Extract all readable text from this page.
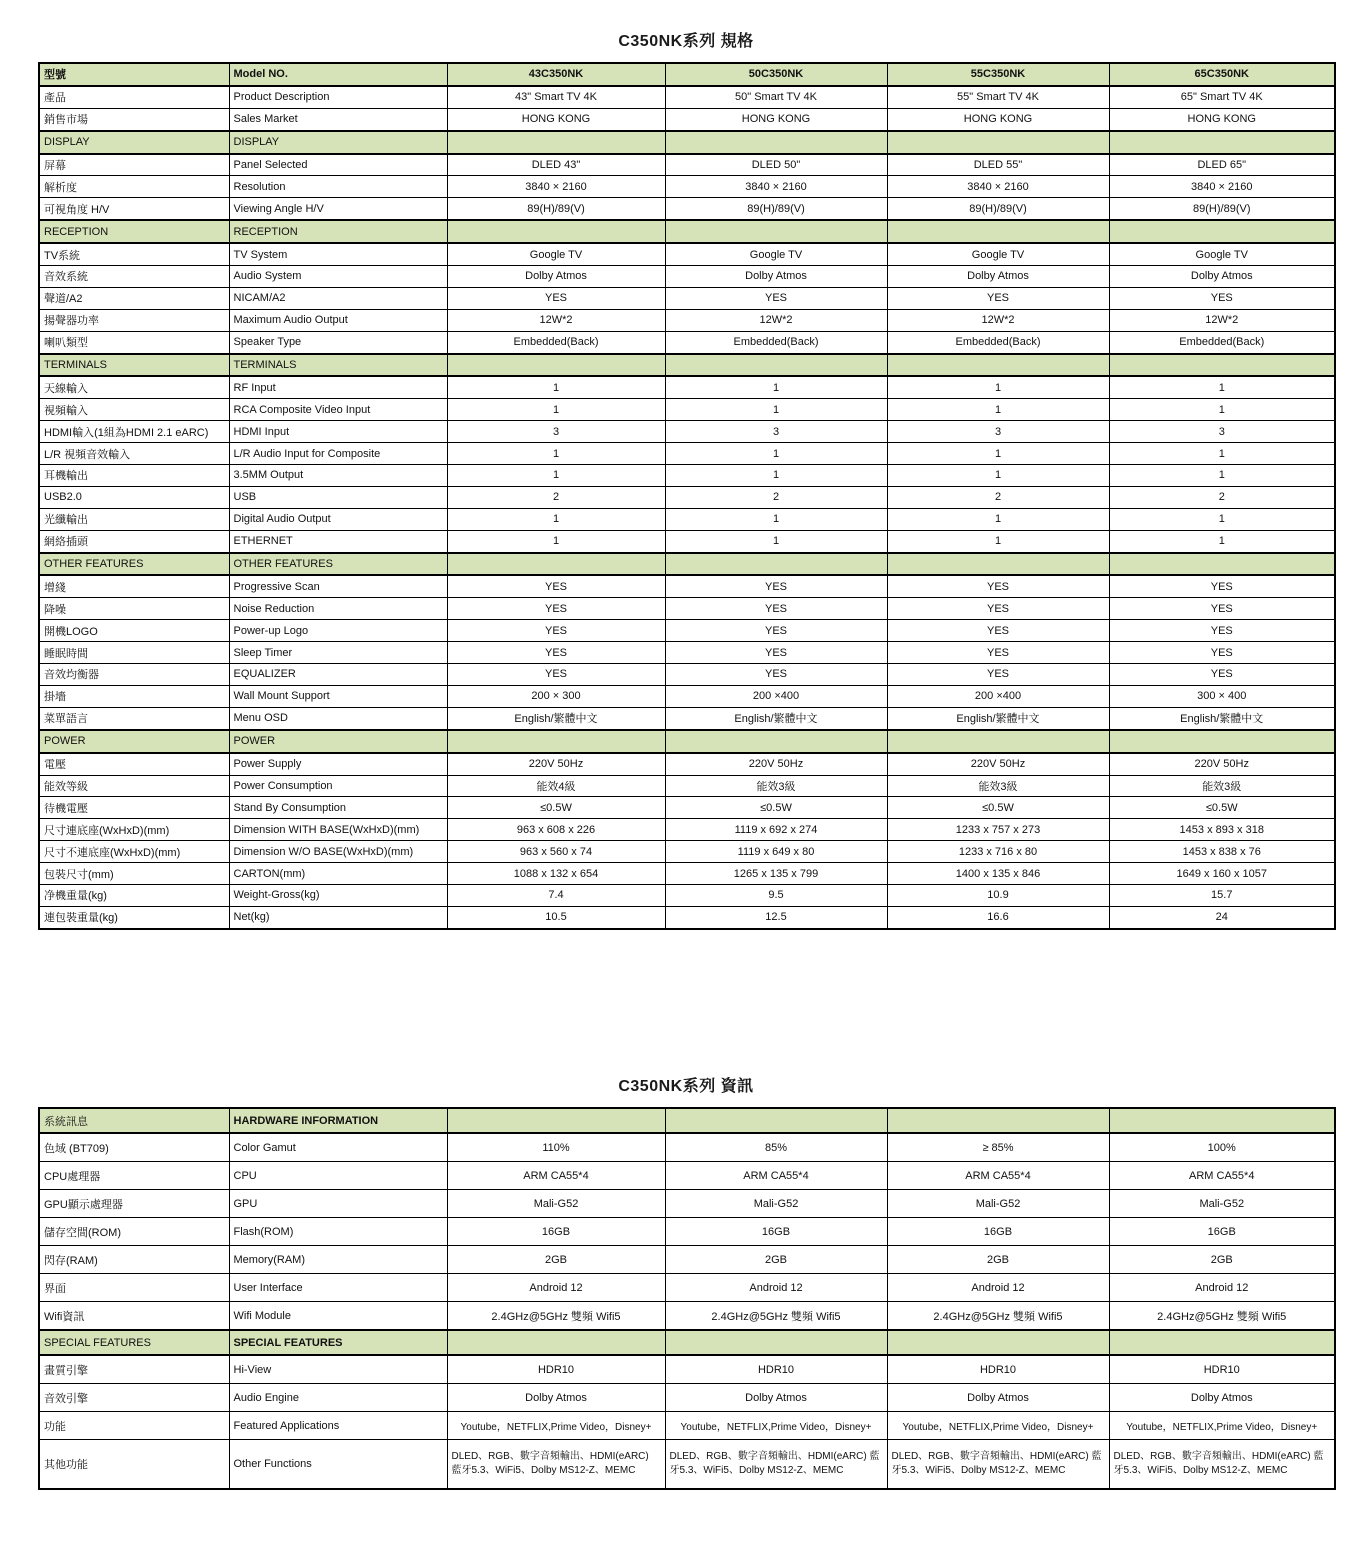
C350NK系列 規格
型號	Model NO.	43C350NK	50C350NK	55C350NK	65C350NK
產品	Product Description	43" Smart TV 4K	50" Smart TV 4K	55" Smart TV 4K	65" Smart TV 4K
銷售市場	Sales Market	HONG KONG	HONG KONG	HONG KONG	HONG KONG
DISPLAY	DISPLAY				
屏幕	Panel Selected	DLED 43"	DLED 50"	DLED 55"	DLED 65"
解析度	Resolution	3840 × 2160	3840 × 2160	3840 × 2160	3840 × 2160
可視角度 H/V	Viewing Angle H/V	89(H)/89(V)	89(H)/89(V)	89(H)/89(V)	89(H)/89(V)
RECEPTION	RECEPTION				
TV系統	TV System	Google TV	Google TV	Google TV	Google TV
音效系統	Audio System	Dolby Atmos	Dolby Atmos	Dolby Atmos	Dolby Atmos
聲道/A2	NICAM/A2	YES	YES	YES	YES
揚聲器功率	Maximum Audio Output	12W*2	12W*2	12W*2	12W*2
喇叭類型	Speaker Type	Embedded(Back)	Embedded(Back)	Embedded(Back)	Embedded(Back)
TERMINALS	TERMINALS				
天線輸入	RF Input	1	1	1	1
視頻輸入	RCA Composite Video Input	1	1	1	1
HDMI輸入(1組為HDMI 2.1 eARC)	HDMI Input	3	3	3	3
L/R 視頻音效輸入	L/R Audio Input for Composite	1	1	1	1
耳機輸出	3.5MM Output	1	1	1	1
USB2.0	USB	2	2	2	2
光纖輸出	Digital Audio Output	1	1	1	1
網絡插頭	ETHERNET	1	1	1	1
OTHER FEATURES	OTHER FEATURES				
增綫	Progressive Scan	YES	YES	YES	YES
降噪	Noise Reduction	YES	YES	YES	YES
開機LOGO	Power-up Logo	YES	YES	YES	YES
睡眠時間	Sleep Timer	YES	YES	YES	YES
音效均衡器	EQUALIZER	YES	YES	YES	YES
掛墻	Wall Mount Support	200 × 300	200 ×400	200 ×400	300 × 400
菜單語言	Menu OSD	English/繁體中文	English/繁體中文	English/繁體中文	English/繁體中文
POWER	POWER				
電壓	Power Supply	220V 50Hz	220V 50Hz	220V 50Hz	220V 50Hz
能效等級	Power Consumption	能效4級	能效3級	能效3級	能效3級
待機電壓	Stand By Consumption	≤0.5W	≤0.5W	≤0.5W	≤0.5W
尺寸連底座(WxHxD)(mm)	Dimension WITH BASE(WxHxD)(mm)	963 x 608 x 226	1119 x 692 x 274	1233 x 757 x 273	1453 x 893 x 318
尺寸不連底座(WxHxD)(mm)	Dimension W/O BASE(WxHxD)(mm)	963 x 560 x 74	1119 x 649 x 80	1233 x 716 x 80	1453 x 838 x 76
包裝尺寸(mm)	CARTON(mm)	1088 x 132 x 654	1265 x 135 x 799	1400 x 135 x 846	1649 x 160 x 1057
净機重量(kg)	Weight-Gross(kg)	7.4	9.5	10.9	15.7
連包裝重量(kg)	Net(kg)	10.5	12.5	16.6	24
C350NK系列 資訊
系統訊息	HARDWARE INFORMATION				
色域 (BT709)	Color Gamut	110%	85%	≥ 85%	100%
CPU處理器	CPU	ARM CA55*4	ARM CA55*4	ARM CA55*4	ARM CA55*4
GPU顯示處理器	GPU	Mali-G52	Mali-G52	Mali-G52	Mali-G52
儲存空間(ROM)	Flash(ROM)	16GB	16GB	16GB	16GB
閃存(RAM)	Memory(RAM)	2GB	2GB	2GB	2GB
界面	User Interface	Android 12	Android 12	Android 12	Android 12
Wifi資訊	Wifi Module	2.4GHz@5GHz 雙頻 Wifi5	2.4GHz@5GHz 雙頻 Wifi5	2.4GHz@5GHz 雙頻 Wifi5	2.4GHz@5GHz 雙頻 Wifi5
SPECIAL FEATURES	SPECIAL FEATURES				
畫質引擎	Hi-View	HDR10	HDR10	HDR10	HDR10
音效引擎	Audio Engine	Dolby Atmos	Dolby Atmos	Dolby Atmos	Dolby Atmos
功能	Featured Applications	Youtube，NETFLIX,Prime Video，Disney+	Youtube，NETFLIX,Prime Video，Disney+	Youtube，NETFLIX,Prime Video，Disney+	Youtube，NETFLIX,Prime Video，Disney+
其他功能	Other Functions	DLED、RGB、數字音頻輸出、HDMI(eARC) 藍牙5.3、WiFi5、Dolby MS12-Z、MEMC	DLED、RGB、數字音頻輸出、HDMI(eARC) 藍牙5.3、WiFi5、Dolby MS12-Z、MEMC	DLED、RGB、數字音頻輸出、HDMI(eARC) 藍牙5.3、WiFi5、Dolby MS12-Z、MEMC	DLED、RGB、數字音頻輸出、HDMI(eARC) 藍牙5.3、WiFi5、Dolby MS12-Z、MEMC
